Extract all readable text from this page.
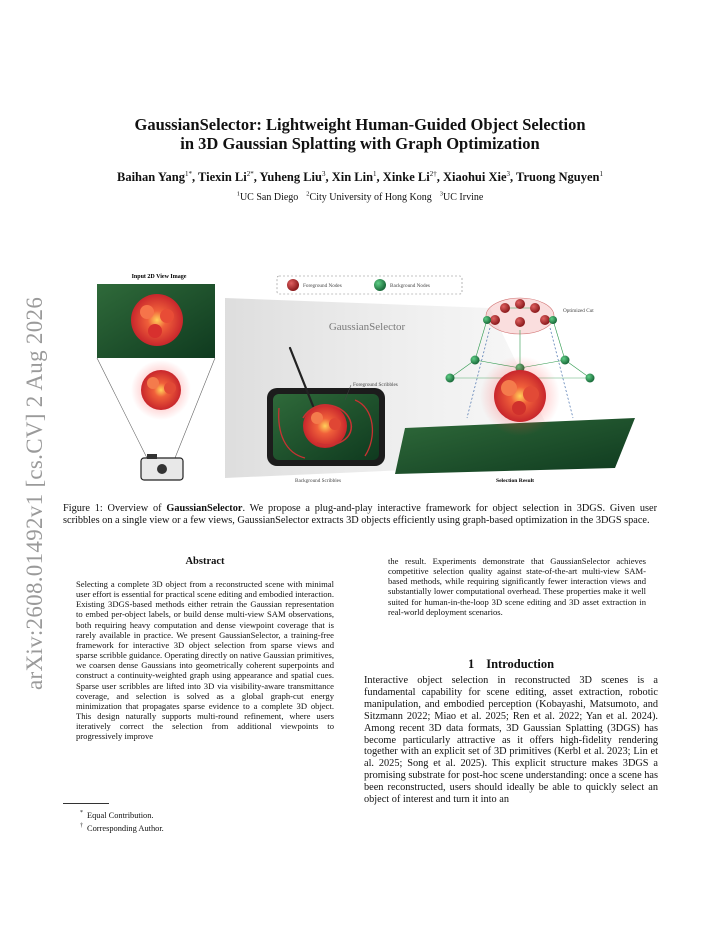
arXiv:2608.01492v1 [cs.CV] 2 Aug 2026
GaussianSelector: Lightweight Human-Guided Object Selection
in 3D Gaussian Splatting with Graph Optimization
Baihan Yang$^{1*}$, Tiexin $Li^{2*}$, Yuheng Liu$^3$, Xin Lin$^1$, Xinke $Li^{2\dagger}$, Xiaohui Xie$^3$, Truong Nguyen$^1$
$^1$UC San Diego $^2$City University of Hong Kong $^3$UC Irvine
Input 2D View Image
Foreground Nodes	Background Nodes
GaussianSelector
Foreground Scribbles
Background Scribbles
Optimized Cut
Selection Result
Figure 1: Overview of GaussianSelector. We propose a plug-and-play interactive framework for object selection in 3DGS. Given user scribbles on a single view or a few views, GaussianSelector extracts 3D objects efficiently using graph-based optimization in the 3DGS space.
Abstract
Selecting a complete 3D object from a reconstructed scene with minimal user effort is essential for practical scene editing and embodied interaction. Existing 3DGS-based methods either retrain the Gaussian representation to embed per-object labels, or build dense multi-view SAM observations, both requiring heavy computation and dense viewpoint coverage that is rarely available in practice. We present GaussianSelector, a training-free framework for interactive 3D object selection from sparse views and sparse scribble guidance. Operating directly on native Gaussian primitives, we coarsen dense Gaussians into geometrically coherent superpoints and construct a continuity-weighted graph using appearance and spatial cues. Sparse user scribbles are lifted into 3D via visibility-aware transmittance coverage, and selection is solved as a global graph-cut energy minimization that propagates sparse evidence to a complete 3D object. This design naturally supports multi-round refinement, where users iteratively correct the selection from additional viewpoints to progressively improve
the result. Experiments demonstrate that GaussianSelector achieves competitive selection quality against state-of-the-art multi-view SAM-based methods, while requiring significantly fewer interaction views and substantially lower computational overhead. These properties make it well suited for human-in-the-loop 3D scene editing and 3D asset extraction in real-world deployment scenarios.
1 Introduction
Interactive object selection in reconstructed 3D scenes is a fundamental capability for scene editing, asset extraction, robotic manipulation, and embodied perception (Kobayashi, Matsumoto, and Sitzmann 2022; Miao et al. 2025; Ren et al. 2022; Yan et al. 2024). Among recent 3D data formats, 3D Gaussian Splatting (3DGS) has become particularly attractive as it offers high-fidelity rendering together with an explicit set of 3D primitives (Kerbl et al. 2023; Lin et al. 2025; Song et al. 2025). This explicit structure makes 3DGS a promising substrate for post-hoc scene understanding: once a scene has been reconstructed, users should ideally be able to quickly select an object of interest and turn it into an
* Equal Contribution.
† Corresponding Author.
